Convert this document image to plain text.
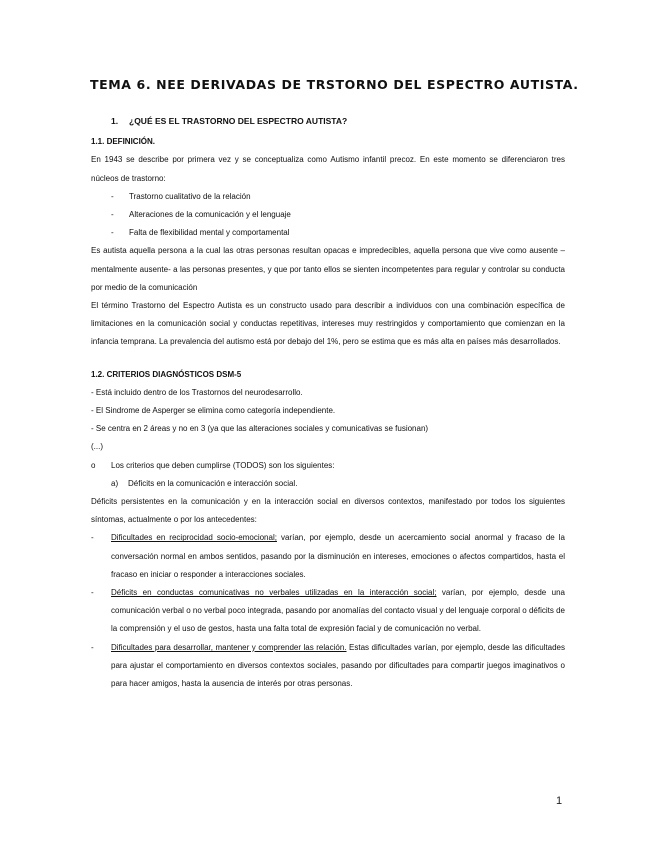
TEMA 6. NEE DERIVADAS DE TRSTORNO DEL ESPECTRO AUTISTA.

1. ¿QUÉ ES EL TRASTORNO DEL ESPECTRO AUTISTA?

1.1. DEFINICIÓN.

En 1943 se describe por primera vez y se conceptualiza como Autismo infantil precoz. En este momento se diferenciaron tres núcleos de trastorno:

- Trastorno cualitativo de la relación
- Alteraciones de la comunicación y el lenguaje
- Falta de flexibilidad mental y comportamental

Es autista aquella persona a la cual las otras personas resultan opacas e impredecibles, aquella persona que vive como ausente –mentalmente ausente- a las personas presentes, y que por tanto ellos se sienten incompetentes para regular y controlar su conducta por medio de la comunicación

El término Trastorno del Espectro Autista es un constructo usado para describir a individuos con una combinación específica de limitaciones en la comunicación social y conductas repetitivas, intereses muy restringidos y comportamiento que comienzan en la infancia temprana. La prevalencia del autismo está por debajo del 1%, pero se estima que es más alta en países más desarrollados.

1.2. CRITERIOS DIAGNÓSTICOS DSM-5

- Está incluido dentro de los Trastornos del neurodesarrollo.

- El Sindrome de Asperger se elimina como categoría independiente.

- Se centra en 2 áreas y no en 3 (ya que las alteraciones sociales y comunicativas se fusionan)

(...)

o Los criterios que deben cumplirse (TODOS) son los siguientes:

a) Déficits en la comunicación e interacción social.

Déficits persistentes en la comunicación y en la interacción social en diversos contextos, manifestado por todos los siguientes síntomas, actualmente o por los antecedentes:

- Dificultades en reciprocidad socio-emocional; varían, por ejemplo, desde un acercamiento social anormal y fracaso de la conversación normal en ambos sentidos, pasando por la disminución en intereses, emociones o afectos compartidos, hasta el fracaso en iniciar o responder a interacciones sociales.
- Déficits en conductas comunicativas no verbales utilizadas en la interacción social; varían, por ejemplo, desde una comunicación verbal o no verbal poco integrada, pasando por anomalías del contacto visual y del lenguaje corporal o déficits de la comprensión y el uso de gestos, hasta una falta total de expresión facial y de comunicación no verbal.
- Dificultades para desarrollar, mantener y comprender las relación. Estas dificultades varían, por ejemplo, desde las dificultades para ajustar el comportamiento en diversos contextos sociales, pasando por dificultades para compartir juegos imaginativos o para hacer amigos, hasta la ausencia de interés por otras personas.
1
